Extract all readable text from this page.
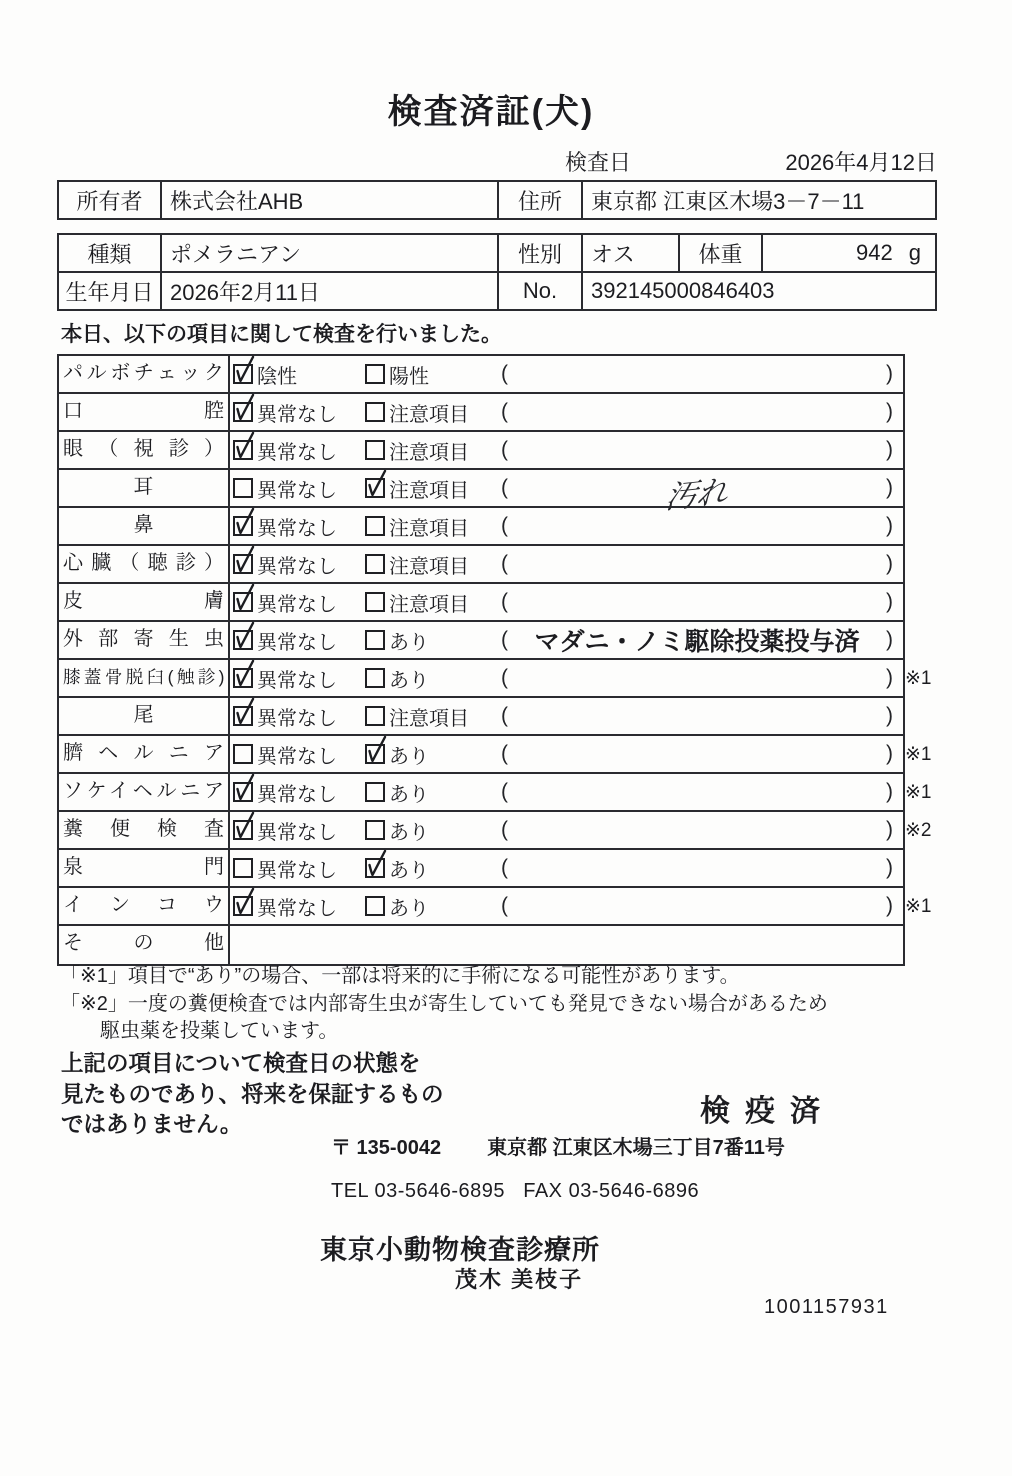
検査済証(犬)
検査日	2026年4月12日
所有者	株式会社AHB	住所	東京都 江東区木場3－7－11
種類	ポメラニアン	性別	オス	体重	942 g
生年月日 2026年2月11日	No.	392145000846403
本日、以下の項目に関して検査を行いました。
パルボチェック	陰性	陽性	(	)
口腔	異常なし	注意項目 (	)
眼（視診）	異常なし	注意項目 (	)
耳	異常なし	注意項目 (	汚れ	)
鼻	異常なし	注意項目 (	)
心臓（聴診）	異常なし	注意項目 (	)
皮膚	異常なし	注意項目 (	)
外部寄生虫	異常なし	あり	(	マダニ・ノミ駆除投薬投与済	)
膝蓋骨脱臼(触診)	異常なし	あり	(	) ※1
尾	異常なし	注意項目 (	)
臍ヘルニア	異常なし	あり	(	) ※1
ソケイヘルニア	異常なし	あり	(	) ※1
糞便検査	異常なし	あり	(	) ※2
泉門	異常なし	あり	(	)
インコウ	異常なし	あり	(	) ※1
その他
「※1」項目で“あり”の場合、一部は将来的に手術になる可能性があります。
「※2」一度の糞便検査では内部寄生虫が寄生していても発見できない場合があるため
駆虫薬を投薬しています。
上記の項目について検査日の状態を
見たものであり、将来を保証するもの
ではありません。	検疫済
〒 135-0042 東京都 江東区木場三丁目7番11号
TEL 03-5646-6895   FAX 03-5646-6896
東京小動物検査診療所
茂木 美枝子
1001157931
